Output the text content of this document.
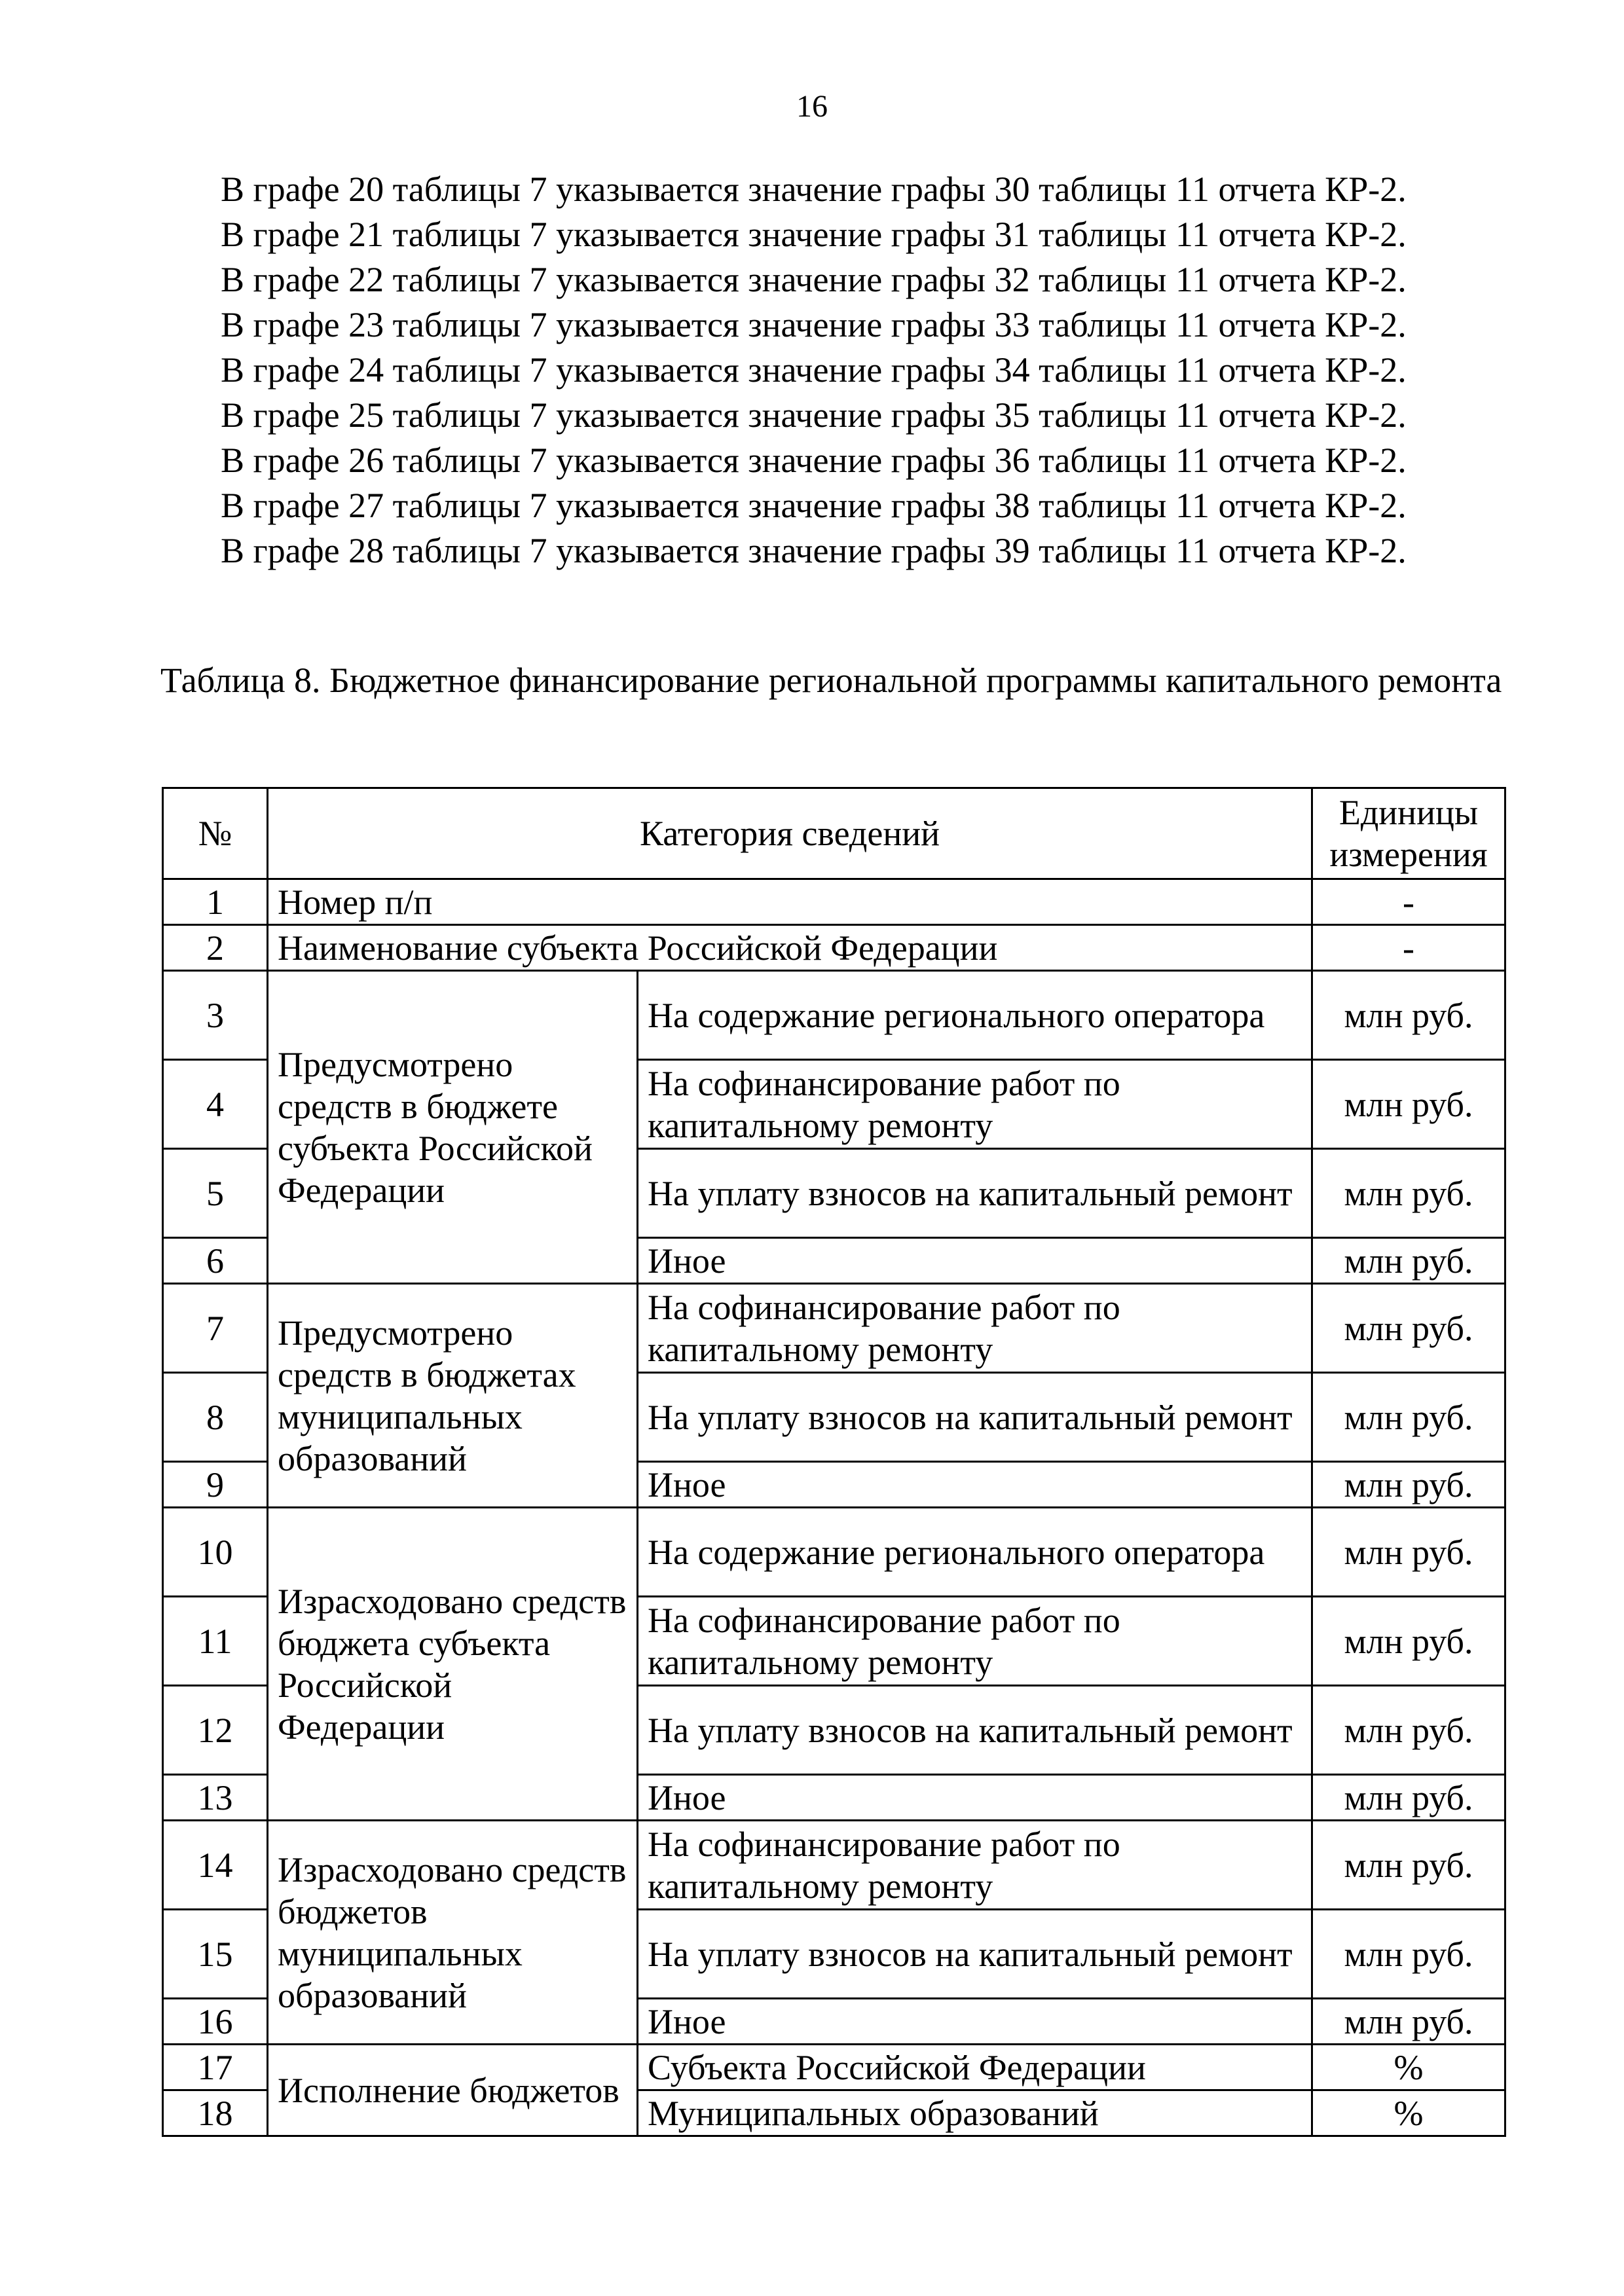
16
В графе 20 таблицы 7 указывается значение графы 30 таблицы 11 отчета КР-2.
В графе 21 таблицы 7 указывается значение графы 31 таблицы 11 отчета КР-2.
В графе 22 таблицы 7 указывается значение графы 32 таблицы 11 отчета КР-2.
В графе 23 таблицы 7 указывается значение графы 33 таблицы 11 отчета КР-2.
В графе 24 таблицы 7 указывается значение графы 34 таблицы 11 отчета КР-2.
В графе 25 таблицы 7 указывается значение графы 35 таблицы 11 отчета КР-2.
В графе 26 таблицы 7 указывается значение графы 36 таблицы 11 отчета КР-2.
В графе 27 таблицы 7 указывается значение графы 38 таблицы 11 отчета КР-2.
В графе 28 таблицы 7 указывается значение графы 39 таблицы 11 отчета КР-2.
Таблица 8. Бюджетное финансирование региональной программы капитального ремонта
№	Категория сведений		Единицы измерения
1	Номер п/п		-
2	Наименование субъекта Российской Федерации		-
3	Предусмотрено средств в бюджете субъекта Российской Федерации	На содержание регионального оператора	млн руб.
4		На софинансирование работ по капитальному ремонту	млн руб.
5		На уплату взносов на капитальный ремонт	млн руб.
6		Иное	млн руб.
7	Предусмотрено средств в бюджетах муниципальных образований	На софинансирование работ по капитальному ремонту	млн руб.
8		На уплату взносов на капитальный ремонт	млн руб.
9		Иное	млн руб.
10	Израсходовано средств бюджета субъекта Российской Федерации	На содержание регионального оператора	млн руб.
11		На софинансирование работ по капитальному ремонту	млн руб.
12		На уплату взносов на капитальный ремонт	млн руб.
13		Иное	млн руб.
14	Израсходовано средств бюджетов муниципальных образований	На софинансирование работ по капитальному ремонту	млн руб.
15		На уплату взносов на капитальный ремонт	млн руб.
16		Иное	млн руб.
17	Исполнение бюджетов	Субъекта Российской Федерации	%
18		Муниципальных образований	%
